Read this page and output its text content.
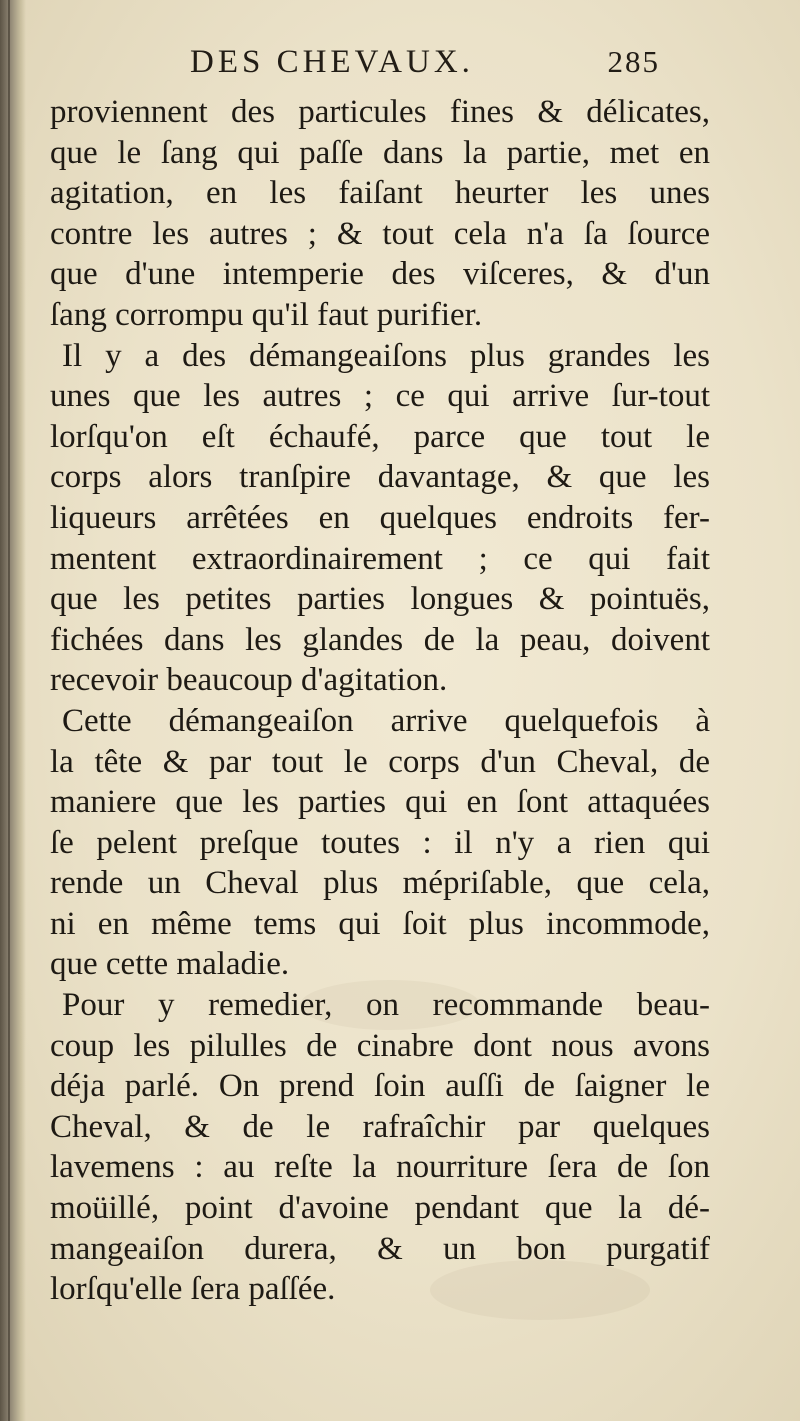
DES CHEVAUX.	285
proviennent des particules fines & délicates,
que le ſang qui paſſe dans la partie, met en
agitation, en les faiſant heurter les unes
contre les autres ; & tout cela n'a ſa ſource
que d'une intemperie des viſceres, & d'un
ſang corrompu qu'il faut purifier.
Il y a des démangeaiſons plus grandes les
unes que les autres ; ce qui arrive ſur-tout
lorſqu'on eſt échaufé, parce que tout le
corps alors tranſpire davantage, & que les
liqueurs arrêtées en quelques endroits fer-
mentent extraordinairement ; ce qui fait
que les petites parties longues & pointuës,
fichées dans les glandes de la peau, doivent
recevoir beaucoup d'agitation.
Cette démangeaiſon arrive quelquefois à
la tête & par tout le corps d'un Cheval, de
maniere que les parties qui en ſont attaquées
ſe pelent preſque toutes : il n'y a rien qui
rende un Cheval plus mépriſable, que cela,
ni en même tems qui ſoit plus incommode,
que cette maladie.
Pour y remedier, on recommande beau-
coup les pilulles de cinabre dont nous avons
déja parlé. On prend ſoin auſſi de ſaigner le
Cheval, & de le rafraîchir par quelques
lavemens : au reſte la nourriture ſera de ſon
moüillé, point d'avoine pendant que la dé-
mangeaiſon durera, & un bon purgatif
lorſqu'elle ſera paſſée.
